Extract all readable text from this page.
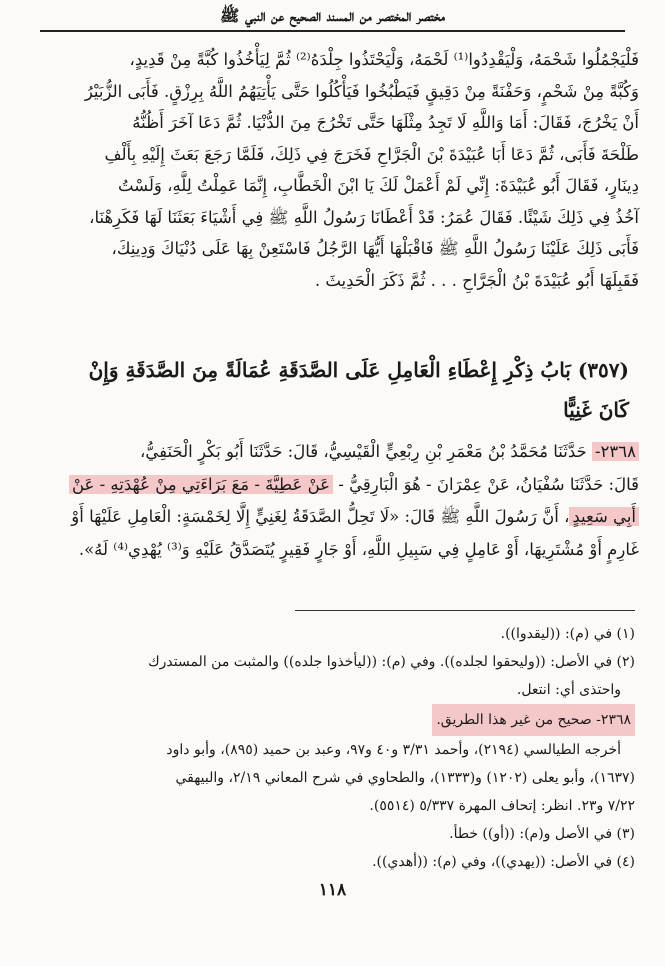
مختصر المختصر من المسند الصحيح عن النبي ﷺ
فَلْيَجْمُلُوا شَحْمَهُ، وَلْيَقْدِدُوا⁽¹⁾ لَحْمَهُ، وَلْيَحْتَذُوا جِلْدَهُ⁽²⁾ ثُمَّ لِيَأْخُذُوا كُبَّةً مِنْ قَدِيدٍ،
وَكُبَّةً مِنْ شَحْمٍ، وَحَفْنَةً مِنْ دَقِيقٍ فَيَطْبُخُوا فَيَأْكُلُوا حَتَّى يَأْتِيَهُمُ اللَّهُ بِرِزْقٍ. فَأَبَى الزُّبَيْرُ
أَنْ يَخْرُجَ، فَقَالَ: أَمَا وَاللَّهِ لَا تَجِدُ مِثْلَهَا حَتَّى تَخْرُجَ مِنَ الدُّنْيَا. ثُمَّ دَعَا آخَرَ أَظُنُّهُ
طَلْحَةَ فَأَبَى، ثُمَّ دَعَا أَبَا عُبَيْدَةَ بْنَ الْجَرَّاحِ فَخَرَجَ فِي ذَلِكَ، فَلَمَّا رَجَعَ بَعَثَ إِلَيْهِ بِأَلْفِ
دِينَارٍ، فَقَالَ أَبُو عُبَيْدَةَ: إِنِّي لَمْ أَعْمَلْ لَكَ يَا ابْنَ الْخَطَّابِ، إِنَّمَا عَمِلْتُ لِلَّهِ، وَلَسْتُ
آخُذُ فِي ذَلِكَ شَيْئًا. فَقَالَ عُمَرُ: قَدْ أَعْطَانَا رَسُولُ اللَّهِ ﷺ فِي أَشْيَاءَ بَعَثَنَا لَهَا فَكَرِهْنَا،
فَأَبَى ذَلِكَ عَلَيْنَا رَسُولُ اللَّهِ ﷺ فَاقْبَلْهَا أَيُّهَا الرَّجُلُ فَاسْتَعِنْ بِهَا عَلَى دُنْيَاكَ وَدِينِكَ،
فَقَبِلَهَا أَبُو عُبَيْدَةَ بْنُ الْجَرَّاحِ . . . ثُمَّ ذَكَرَ الْحَدِيثَ .
(٣٥٧) بَابُ ذِكْرِ إِعْطَاءِ الْعَامِلِ عَلَى الصَّدَقَةِ عُمَالَةً مِنَ الصَّدَقَةِ وَإِنْ
كَانَ غَنِيًّا
٢٣٦٨- حَدَّثَنَا مُحَمَّدُ بْنُ مَعْمَرِ بْنِ رِبْعِيٍّ الْقَيْسِيُّ، قَالَ: حَدَّثَنَا أَبُو بَكْرٍ الْحَنَفِيُّ،
قَالَ: حَدَّثَنَا سُفْيَانُ، عَنْ عِمْرَانَ - هُوَ الْبَارِقِيُّ - عَنْ عَطِيَّةَ - مَعَ بَرَاءَتِي مِنْ عُهْدَتِهِ - عَنْ
أَبِي سَعِيدٍ، أَنَّ رَسُولَ اللَّهِ ﷺ قَالَ: «لَا تَحِلُّ الصَّدَقَةُ لِغَنِيٍّ إِلَّا لِخَمْسَةٍ: الْعَامِلِ عَلَيْهَا أَوْ
غَارِمٍ أَوْ مُشْتَرِيهَا، أَوْ عَامِلٍ فِي سَبِيلِ اللَّهِ، أَوْ جَارٍ فَقِيرٍ يُتَصَدَّقُ عَلَيْهِ وَ⁽³⁾ يُهْدِي⁽⁴⁾ لَهُ».

(١) في (م): ((ليقدوا)).

(٢) في الأصل: ((وليحقوا لجلده)). وفي (م): ((ليأخذوا جلده)) والمثبت من المستدرك

واحتذى أي: انتعل.

٢٣٦٨- صحيح من غير هذا الطريق.

أخرجه الطيالسي (٢١٩٤)، وأحمد ٣/٣١ و٤٠ و٩٧، وعبد بن حميد (٨٩٥)، وأبو داود

(١٦٣٧)، وأبو يعلى (١٢٠٢) و(١٣٣٣)، والطحاوي في شرح المعاني ٢/١٩، والبيهقي

٧/٢٢ و٢٣. انظر: إتحاف المهرة ٥/٣٣٧ (٥٥١٤).

(٣) في الأصل و(م): ((أو)) خطأ.

(٤) في الأصل: ((يهدي))، وفي (م): ((أهدي)).

١١٨
